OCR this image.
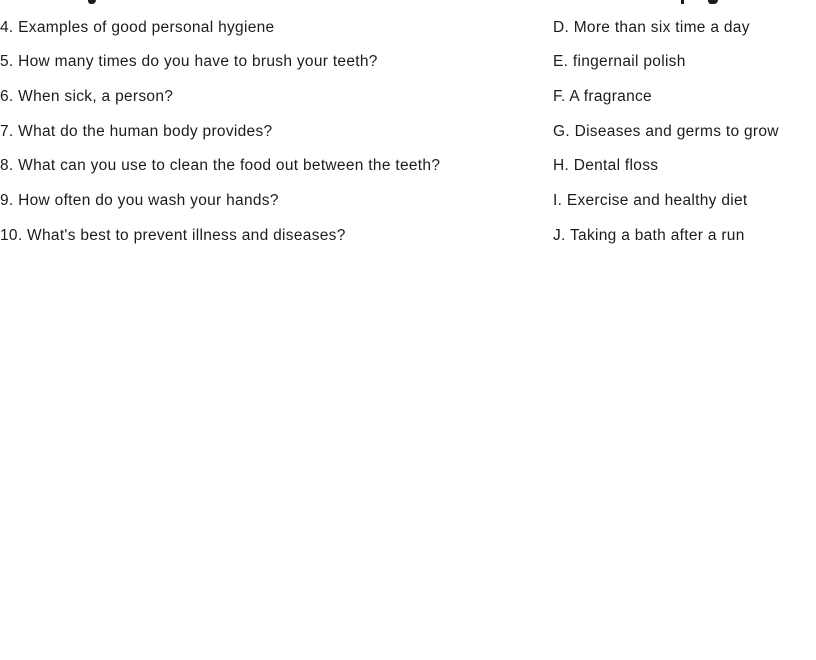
4. Examples of good personal hygiene
5. How many times do you have to brush your teeth?
6. When sick, a person?
7. What do the human body provides?
8. What can you use to clean the food out between the teeth?
9. How often do you wash your hands?
10. What's best to prevent illness and diseases?
D. More than six time a day
E. fingernail polish
F. A fragrance
G. Diseases and germs to grow
H. Dental floss
I. Exercise and healthy diet
J. Taking a bath after a run
